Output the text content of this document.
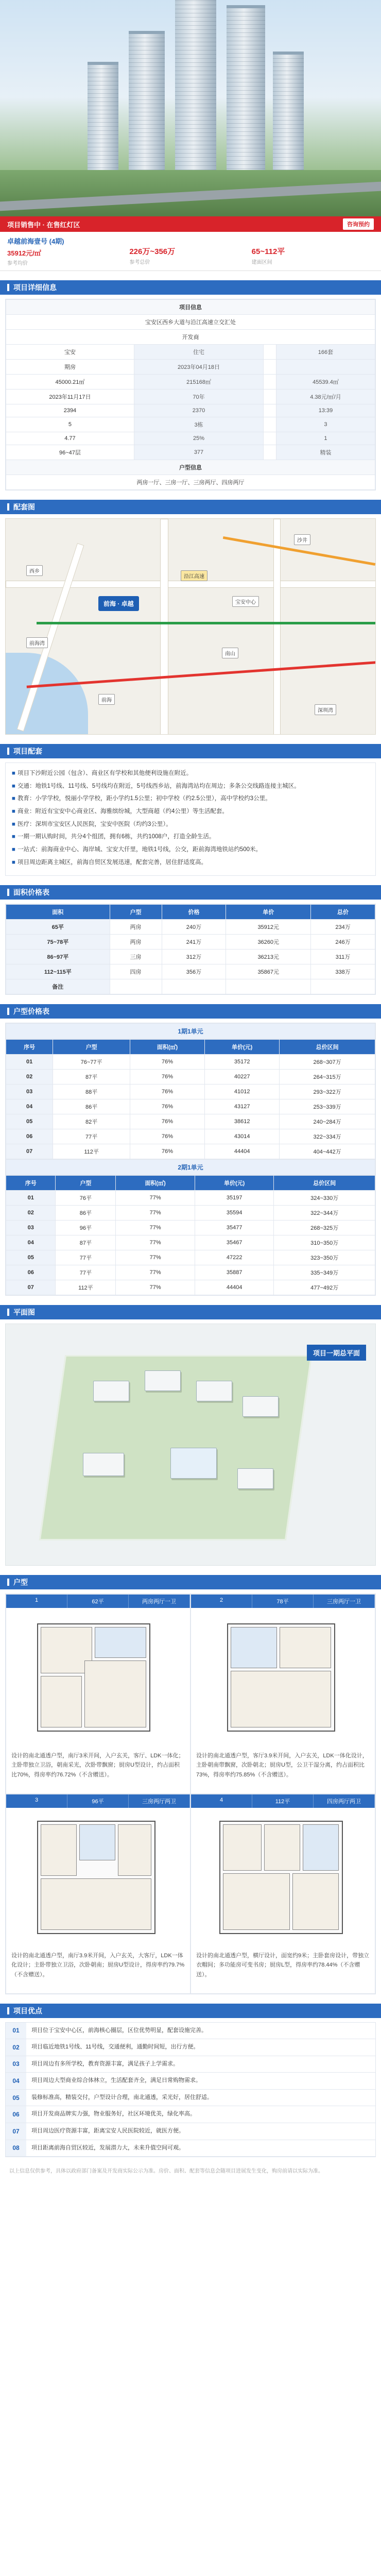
项目销售中 · 在售红灯区	咨询预约
卓越前海壹号 (4期)
35912元/㎡
参考均价
226万~356万
参考总价
65~112平
建面区间
项目详细信息
项目信息			
宝安区西乡大道与沿江高速立交汇处			
开发商			
宝安	住宅		166套
期房	2023年04月18日		
45000.21㎡	215168㎡		45539.4㎡
2023年11月17日	70年		4.38元/㎡/月
2394	2370		13:39
5	3栋		3
4.77	25%		1
96~47层	377		精装
户型信息			
两房一厅、三房一厅、三房两厅、四房两厅			
配套图
西乡
前海
沙井
前海湾
宝安中心
深圳湾
南山
沿江高速
前海 · 卓越
项目配套

■ 项目下沙附近公园（包含）、商业区有学校和其他便利设施在附近。

■ 交通：地铁1号线、11号线、5号线均在附近，5号线西乡站，前海湾站均在周边；多条公交线路连接主城区。

■ 教育：小学学校，悦丽小学学校，距小学约1.5公里；初中学校（约2.5公里），高中学校约3公里。

■ 商业：附近有宝安中心商业区、海雅缤纷城，大型商超（约4公里）等生活配套。

■ 医疗：深圳市宝安区人民医院，宝安中医院（均约3公里）。

■ 一期一期认购时间，共分4个组团，拥有6栋，共约1008户，打造全龄生活。

■ 一站式：前海商业中心、海岸城、宝安大仟里，地铁1号线，公交，距前海湾地铁站约500米。

■ 项目周边距离主城区，前海自贸区发展迅速，配套完善，居住舒适度高。

面积价格表
面积	户型	价格	单价	总价
65平	两房	240万	35912元	234万
75~78平	两房	241万	36260元	246万
86~97平	三房	312万	36213元	311万
112~115平	四房	356万	35867元	338万
备注				
户型价格表
1期1单元
序号	户型	面积(㎡)	单价(元)	总价区间
01	76~77平	76%	35172	268~307万
02	87平	76%	40227	264~315万
03	88平	76%	41012	293~322万
04	86平	76%	43127	253~339万
05	82平	76%	38612	240~284万
06	77平	76%	43014	322~334万
07	112平	76%	44404	404~442万
2期1单元
序号	户型	面积(㎡)	单价(元)	总价区间
01	76平	77%	35197	324~330万
02	86平	77%	35594	322~344万
03	96平	77%	35477	268~325万
04	87平	77%	35467	310~350万
05	77平	77%	47222	323~350万
06	77平	77%	35887	335~349万
07	112平	77%	44404	477~492万
平面图
项目一期总平面
户型
1	62平	两房两厅一卫
设计的南北通透户型，南厅3米开间，入户玄关，客厅、LDK一体化；主卧带独立卫浴，朝南采光，次卧带飘窗；厨房U型设计，约占面积比70%，得房率约76.72%（不含赠送）。
2	78平	三房两厅一卫
设计的南北通透户型，客厅3.9米开间，入户玄关，LDK一体化设计，主卧朝南带飘窗，次卧朝北；厨房U型，公卫干湿分离，约占面积比73%，得房率约75.85%（不含赠送）。
3	96平	三房两厅两卫
设计的南北通透户型，南厅3.9米开间，入户玄关，大客厅，LDK一体化设计；主卧带独立卫浴，次卧朝南；厨房U型设计，得房率约79.7%（不含赠送）。
4	112平	四房两厅两卫
设计的南北通透户型，横厅设计，面宽约9米；主卧套房设计，带独立衣帽间；多功能房可变书房；厨房L型，得房率约78.44%（不含赠送）。
项目优点
01	项目位于宝安中心区，前海核心圈层，区位优势明显，配套设施完善。
02	项目临近地铁1号线、11号线，交通便利，通勤时间短，出行方便。
03	项目周边有多所学校，教育资源丰富，满足孩子上学需求。
04	项目周边大型商业综合体林立，生活配套齐全，满足日常购物需求。
05	装修标准高，精装交付，户型设计合理，南北通透，采光好，居住舒适。
06	项目开发商品牌实力强，物业服务好，社区环境优美，绿化率高。
07	项目周边医疗资源丰富，距离宝安人民医院较近，就医方便。
08	项目距离前海自贸区较近，发展潜力大，未来升值空间可观。
以上信息仅供参考，具体以政府部门备案及开发商实际公示为准。房价、面积、配套等信息会随项目进展发生变化，购房前请以实际为准。
